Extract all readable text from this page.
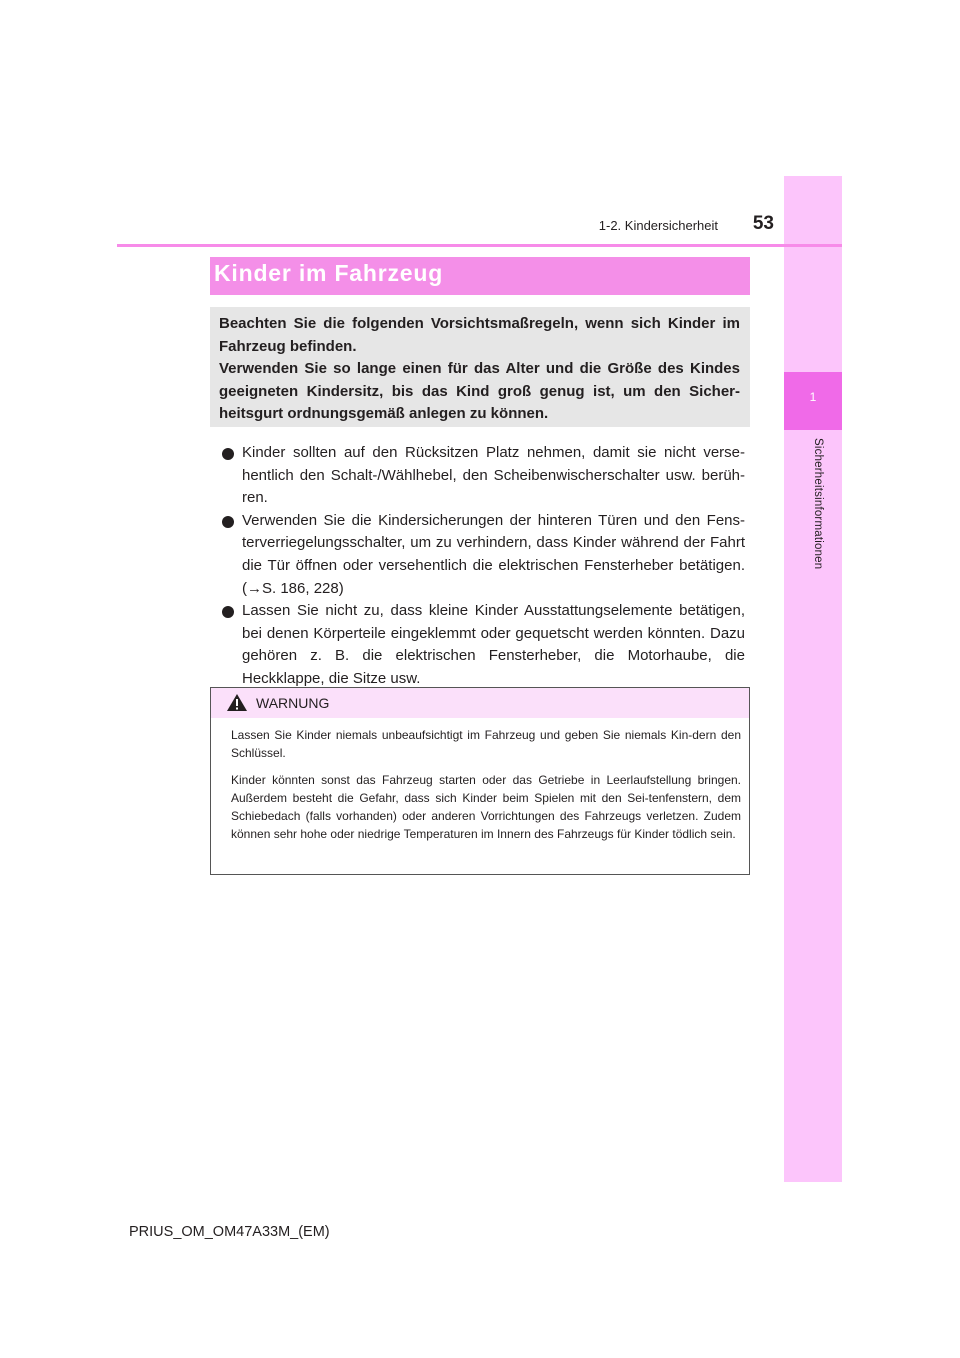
1
Sicherheitsinformationen
1-2. Kindersicherheit	53
Kinder im Fahrzeug

Beachten Sie die folgenden Vorsichtsmaßregeln, wenn sich Kinder im Fahrzeug befinden.

Verwenden Sie so lange einen für das Alter und die Größe des Kindes geeigneten Kindersitz, bis das Kind groß genug ist, um den Sicher-heitsgurt ordnungsgemäß anlegen zu können.

Kinder sollten auf den Rücksitzen Platz nehmen, damit sie nicht verse-hentlich den Schalt-/Wählhebel, den Scheibenwischerschalter usw. berüh-ren.
Verwenden Sie die Kindersicherungen der hinteren Türen und den Fens-terverriegelungsschalter, um zu verhindern, dass Kinder während der Fahrt die Tür öffnen oder versehentlich die elektrischen Fensterheber betätigen. (→S. 186, 228)
Lassen Sie nicht zu, dass kleine Kinder Ausstattungselemente betätigen, bei denen Körperteile eingeklemmt oder gequetscht werden könnten. Dazu gehören z. B. die elektrischen Fensterheber, die Motorhaube, die Heckklappe, die Sitze usw.
WARNUNG

Lassen Sie Kinder niemals unbeaufsichtigt im Fahrzeug und geben Sie niemals Kin-dern den Schlüssel.

Kinder könnten sonst das Fahrzeug starten oder das Getriebe in Leerlaufstellung bringen. Außerdem besteht die Gefahr, dass sich Kinder beim Spielen mit den Sei-tenfenstern, dem Schiebedach (falls vorhanden) oder anderen Vorrichtungen des Fahrzeugs verletzen. Zudem können sehr hohe oder niedrige Temperaturen im Innern des Fahrzeugs für Kinder tödlich sein.

PRIUS_OM_OM47A33M_(EM)
